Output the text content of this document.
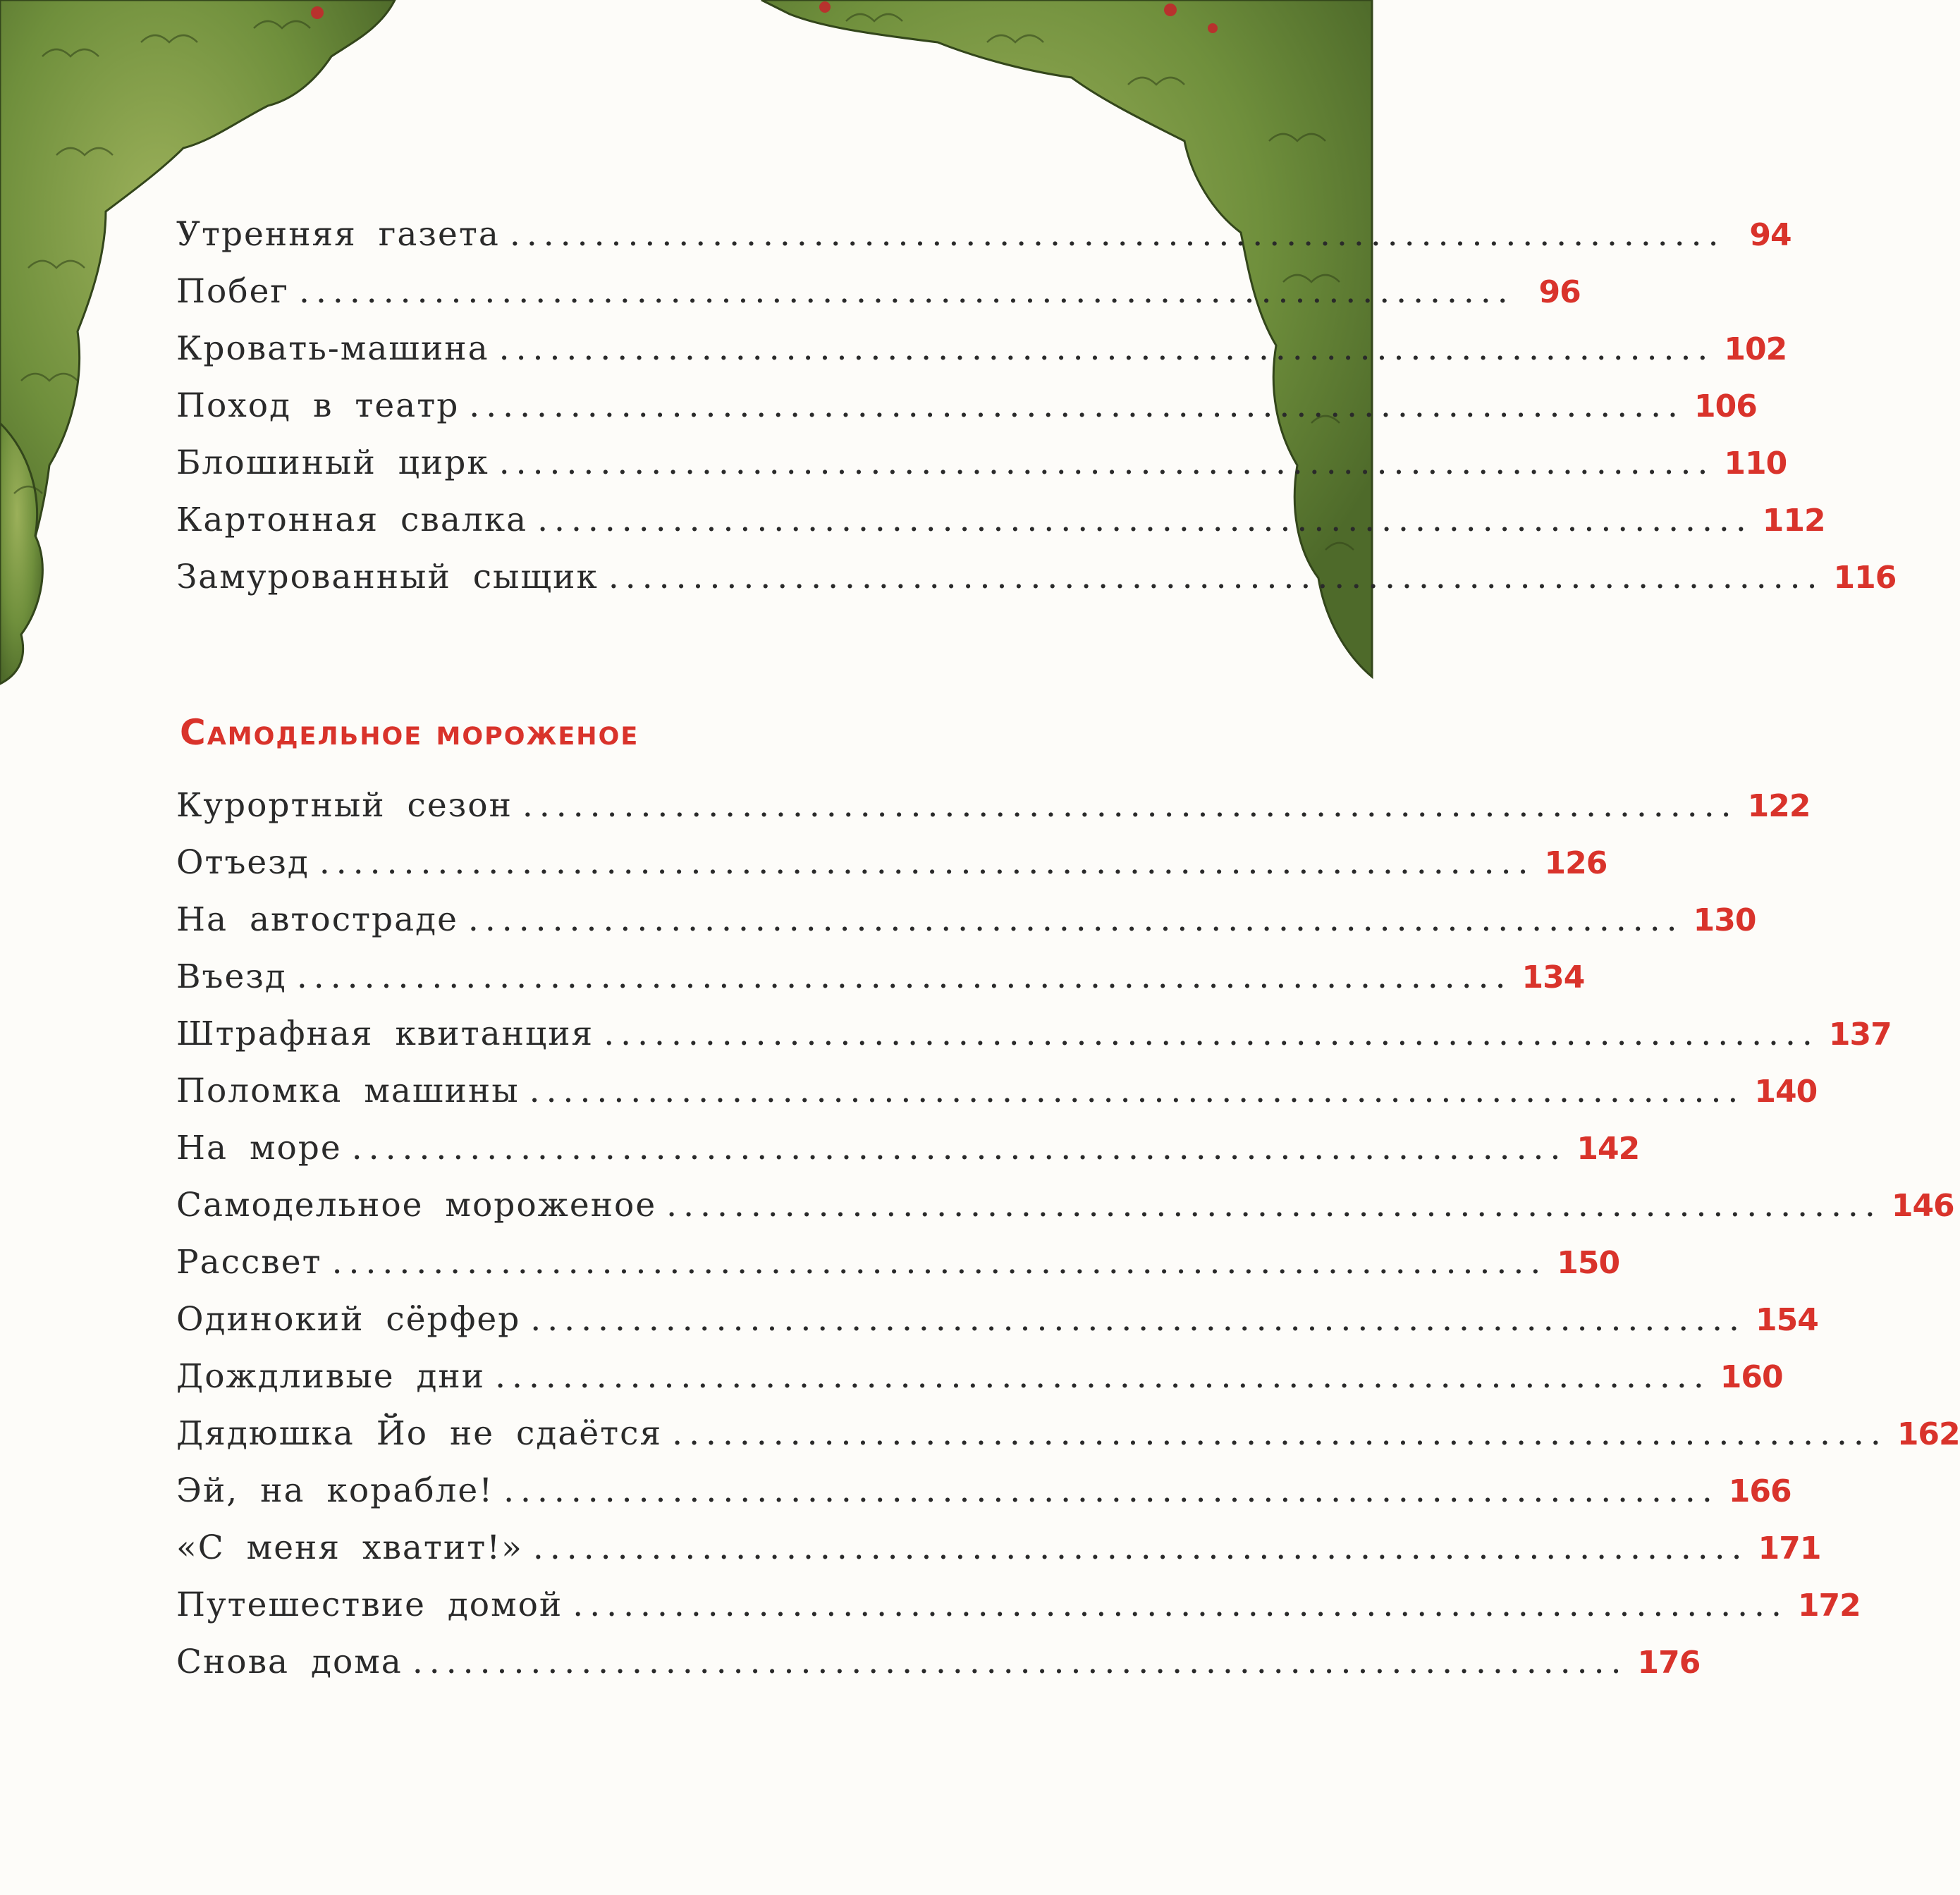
Утренняя газета ........................................................................ 94
Побег ........................................................................ 96
Кровать-машина ........................................................................ 102
Поход в театр ........................................................................ 106
Блошиный цирк ........................................................................ 110
Картонная свалка ........................................................................ 112
Замурованный сыщик ........................................................................ 116
Самодельное мороженое
Курортный сезон ........................................................................ 122
Отъезд ........................................................................ 126
На автостраде ........................................................................ 130
Въезд ........................................................................ 134
Штрафная квитанция ........................................................................ 137
Поломка машины ........................................................................ 140
На море ........................................................................ 142
Самодельное мороженое ........................................................................ 146
Рассвет ........................................................................ 150
Одинокий сёрфер ........................................................................ 154
Дождливые дни ........................................................................ 160
Дядюшка Йо не сдаётся ........................................................................ 162
Эй, на корабле! ........................................................................ 166
«С меня хватит!» ........................................................................ 171
Путешествие домой ........................................................................ 172
Снова дома ........................................................................ 176
